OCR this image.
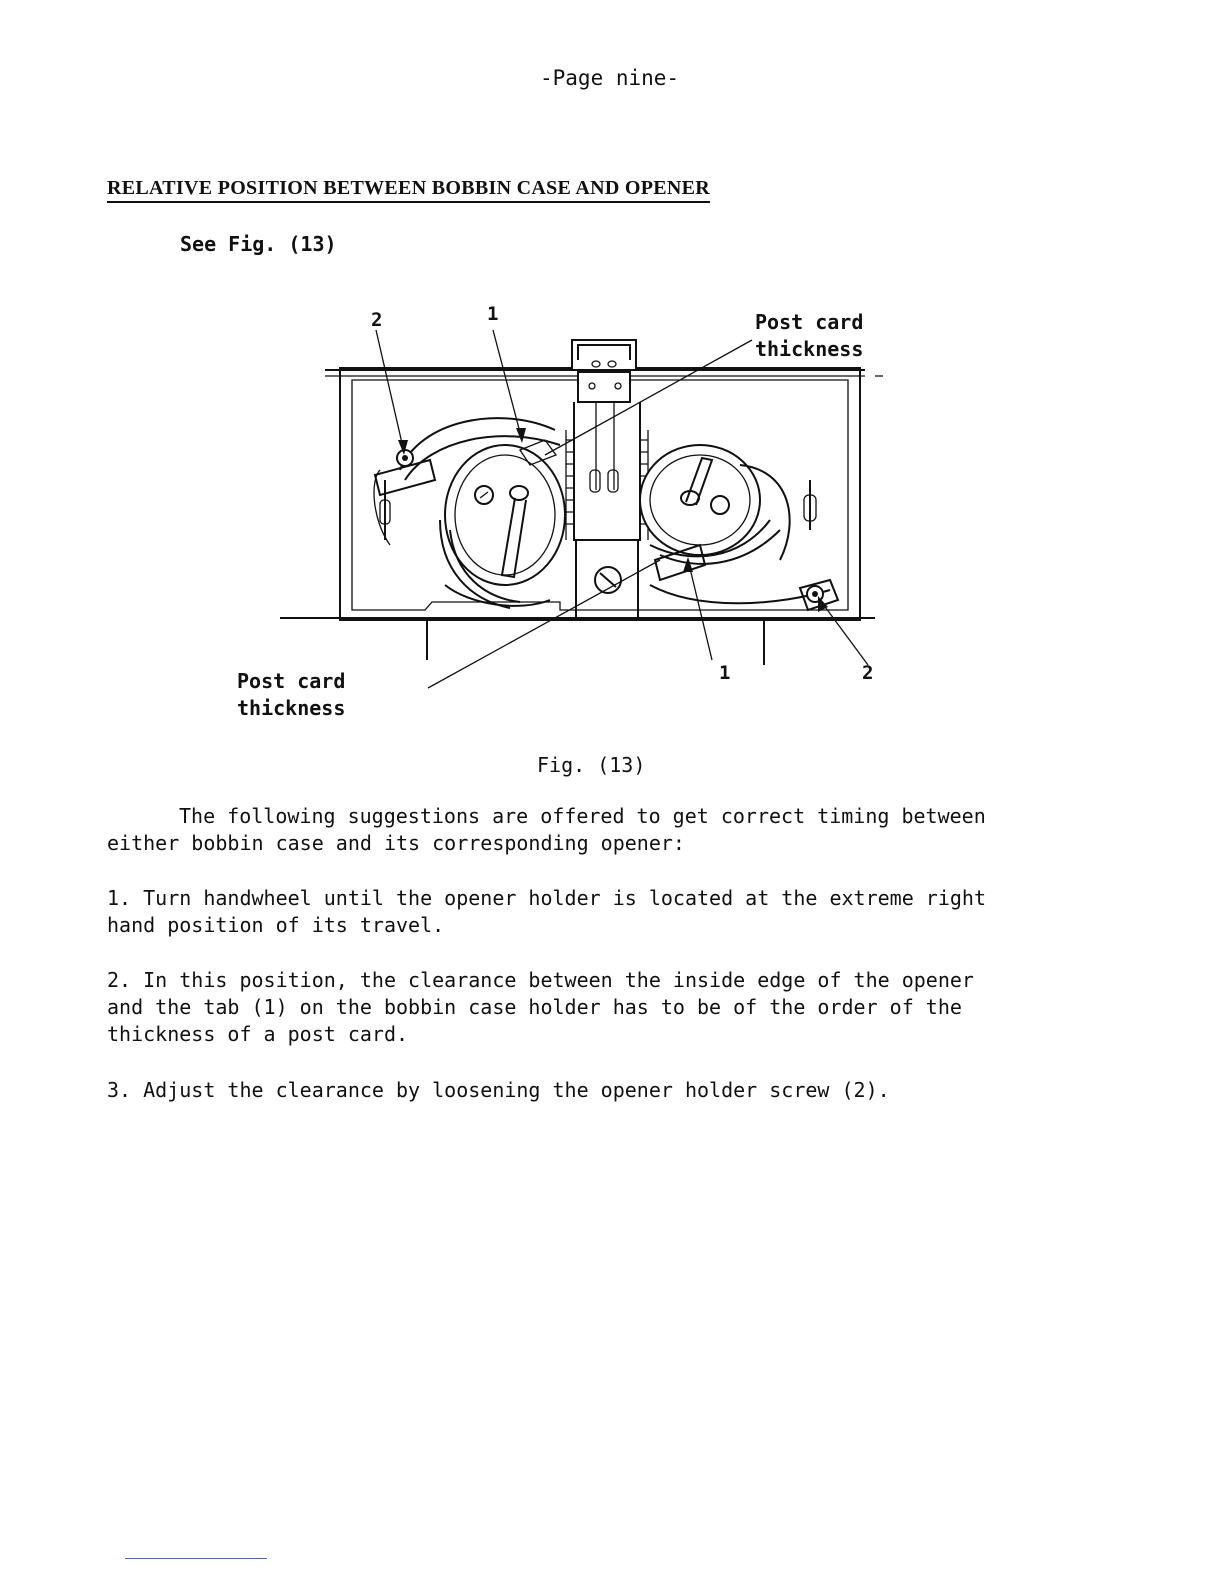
-Page nine-
RELATIVE POSITION BETWEEN BOBBIN CASE AND OPENER
See Fig. (13)
2	1	Post card
thickness
Post card
thickness
1	2
Fig. (13)
The following suggestions are offered to get correct timing between
either bobbin case and its corresponding opener:
1. Turn handwheel until the opener holder is located at the extreme right
hand position of its travel.
2. In this position, the clearance between the inside edge of the opener
and the tab (1) on the bobbin case holder has to be of the order of the
thickness of a post card.
3. Adjust the clearance by loosening the opener holder screw (2).
